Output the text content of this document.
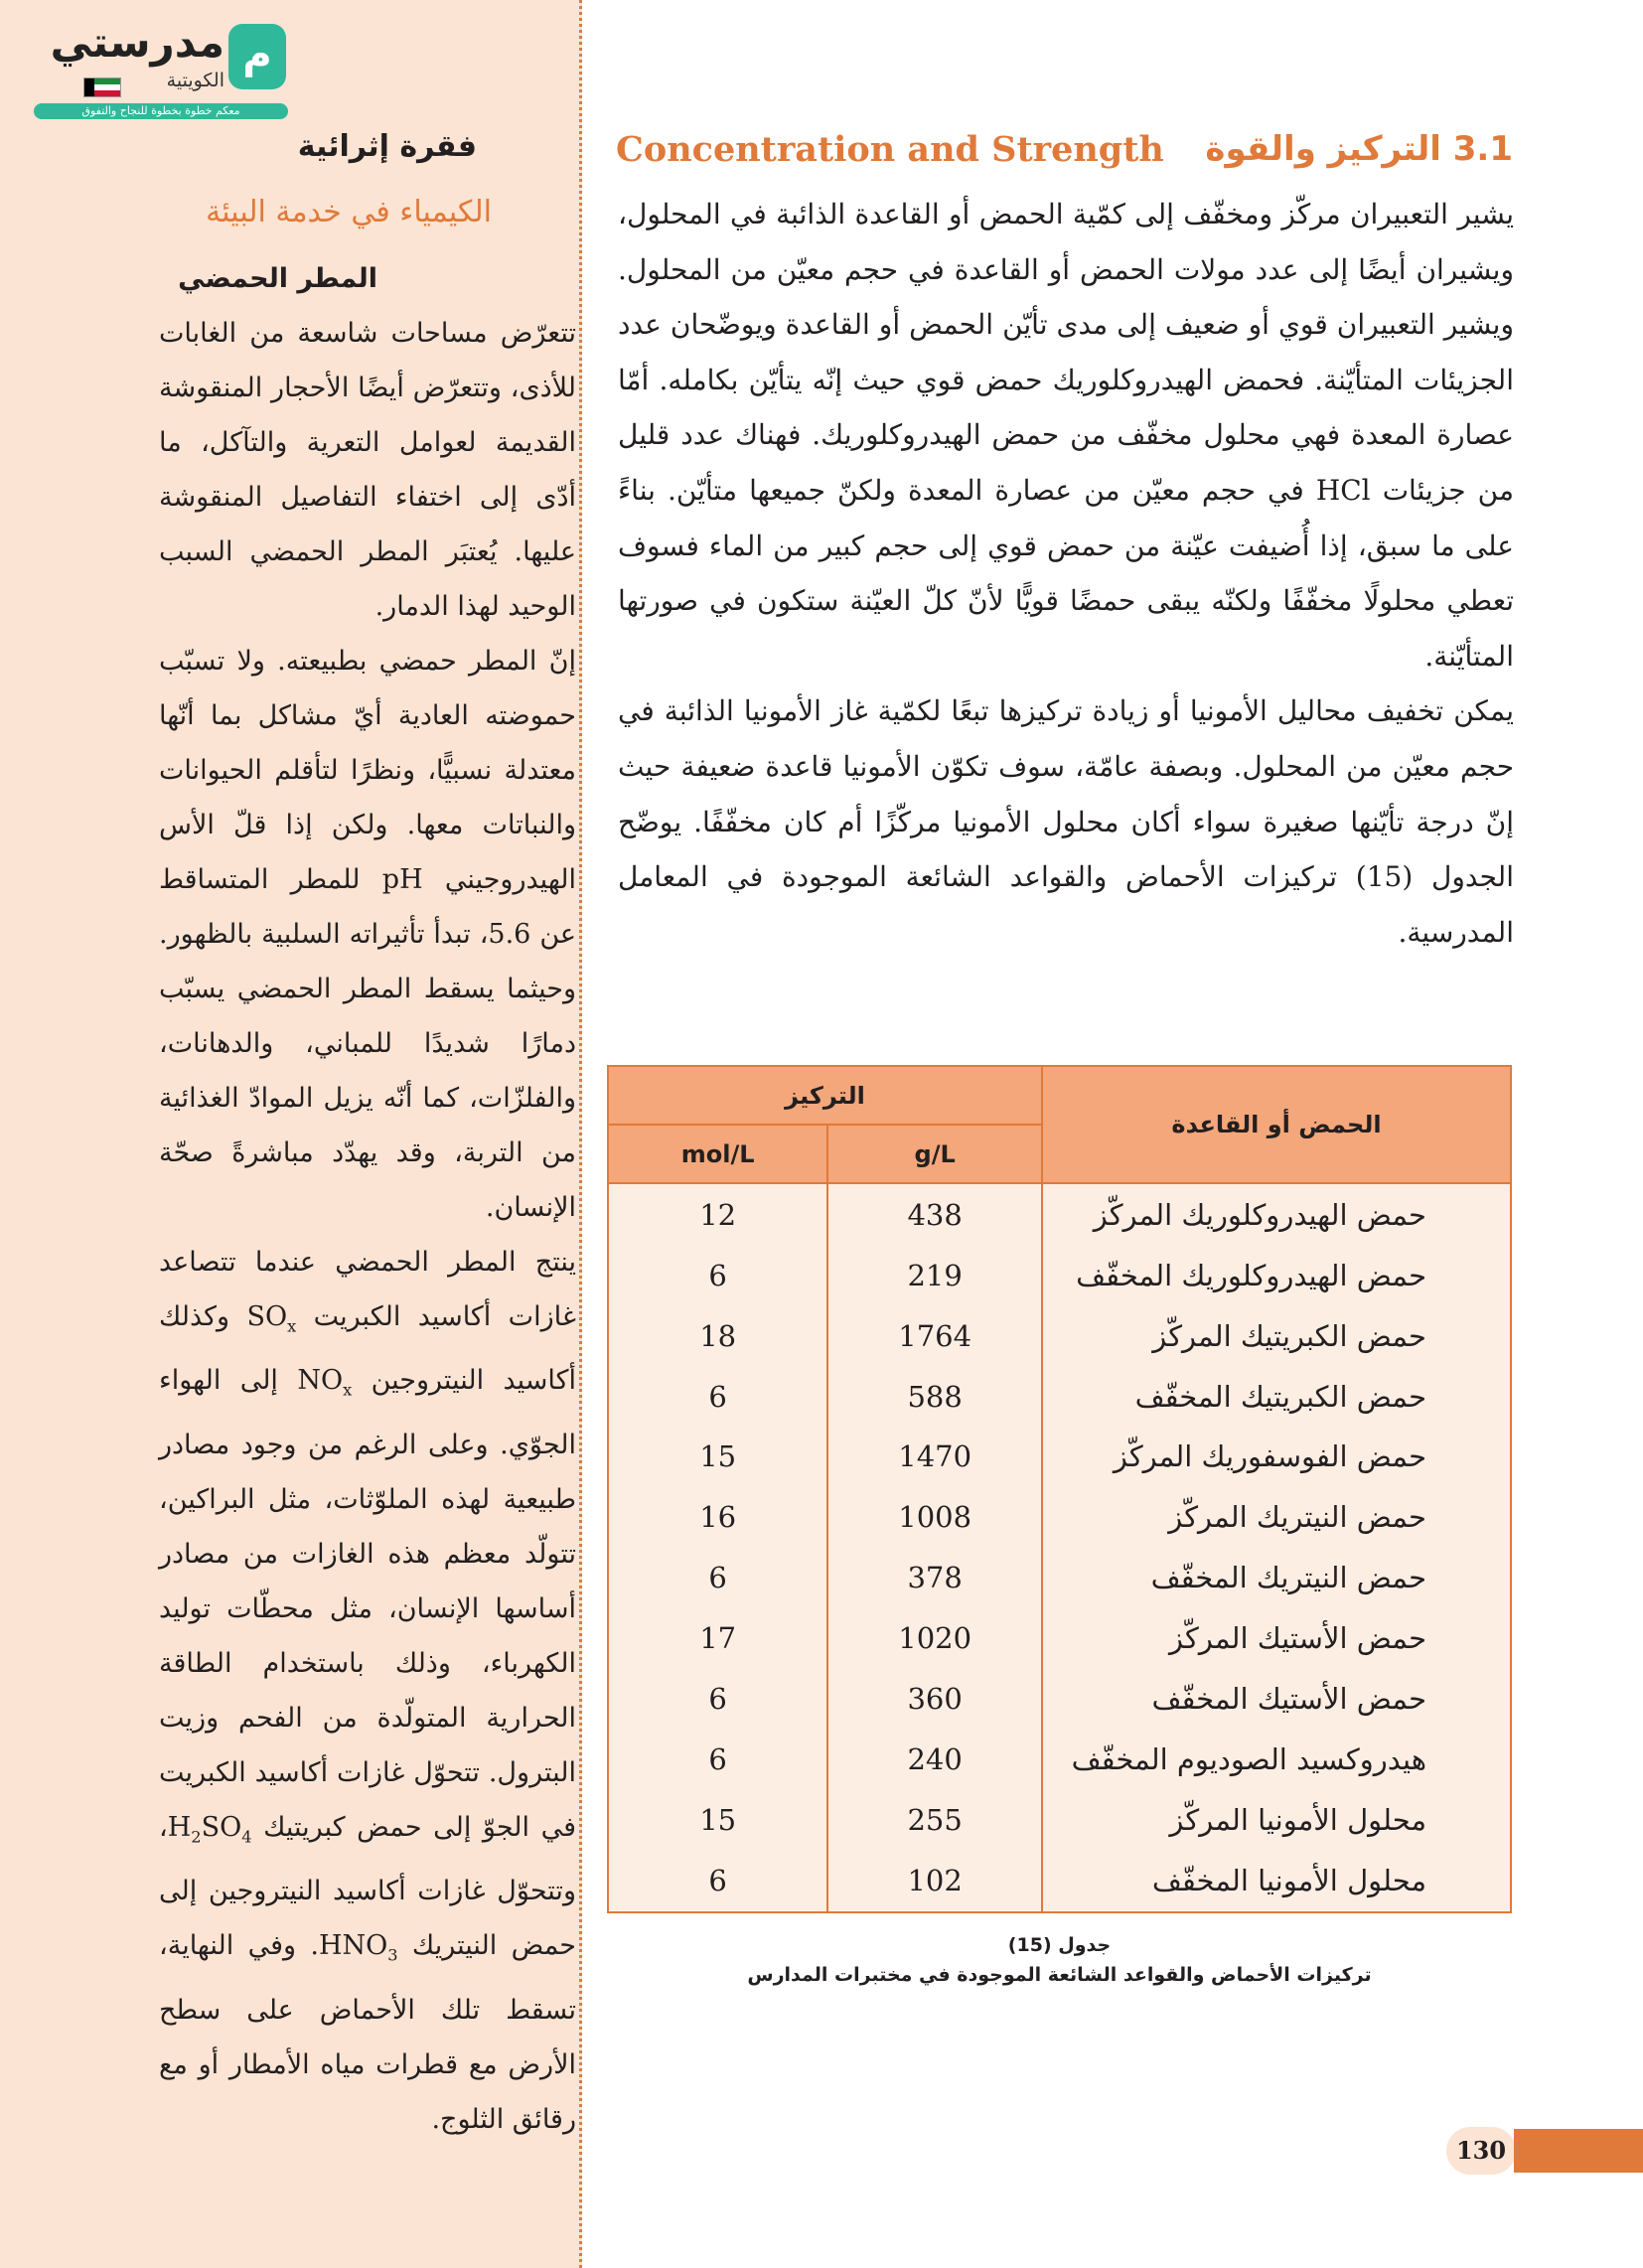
م
مدرستي
الكويتية
معكم خطوة بخطوة للنجاح والتفوق
فقرة إثرائية
الكيمياء في خدمة البيئة
المطر الحمضي

تتعرّض مساحات شاسعة من الغابات للأذى، وتتعرّض أيضًا الأحجار المنقوشة القديمة لعوامل التعرية والتآكل، ما أدّى إلى اختفاء التفاصيل المنقوشة عليها. يُعتبَر المطر الحمضي السبب الوحيد لهذا الدمار.

إنّ المطر حمضي بطبيعته. ولا تسبّب حموضته العادية أيّ مشاكل بما أنّها معتدلة نسبيًّا، ونظرًا لتأقلم الحيوانات والنباتات معها. ولكن إذا قلّ الأس الهيدروجيني pH للمطر المتساقط عن 5.6، تبدأ تأثيراته السلبية بالظهور. وحيثما يسقط المطر الحمضي يسبّب دمارًا شديدًا للمباني، والدهانات، والفلزّات، كما أنّه يزيل الموادّ الغذائية من التربة، وقد يهدّد مباشرةً صحّة الإنسان.

ينتج المطر الحمضي عندما تتصاعد غازات أكاسيد الكبريت $SO_x$ وكذلك أكاسيد النيتروجين $NO_x$ إلى الهواء الجوّي. وعلى الرغم من وجود مصادر طبيعية لهذه الملوّثات، مثل البراكين، تتولّد معظم هذه الغازات من مصادر أساسها الإنسان، مثل محطّات توليد الكهرباء، وذلك باستخدام الطاقة الحرارية المتولّدة من الفحم وزيت البترول. تتحوّل غازات أكاسيد الكبريت في الجوّ إلى حمض كبريتيك $H_2SO_4،$ وتتحوّل غازات أكاسيد النيتروجين إلى حمض النيتريك $HNO_3$. وفي النهاية، تسقط تلك الأحماض على سطح الأرض مع قطرات مياه الأمطار أو مع رقائق الثلوج.

Concentration and Strength 3.1 التركيز والقوة

يشير التعبيران مركّز ومخفّف إلى كمّية الحمض أو القاعدة الذائبة في المحلول، ويشيران أيضًا إلى عدد مولات الحمض أو القاعدة في حجم معيّن من المحلول. ويشير التعبيران قوي أو ضعيف إلى مدى تأيّن الحمض أو القاعدة ويوضّحان عدد الجزيئات المتأيّنة. فحمض الهيدروكلوريك حمض قوي حيث إنّه يتأيّن بكامله. أمّا عصارة المعدة فهي محلول مخفّف من حمض الهيدروكلوريك. فهناك عدد قليل من جزيئات HCl في حجم معيّن من عصارة المعدة ولكنّ جميعها متأيّن. بناءً على ما سبق، إذا أُضيفت عيّنة من حمض قوي إلى حجم كبير من الماء فسوف تعطي محلولًا مخفّفًا ولكنّه يبقى حمضًا قويًّا لأنّ كلّ العيّنة ستكون في صورتها المتأيّنة.

يمكن تخفيف محاليل الأمونيا أو زيادة تركيزها تبعًا لكمّية غاز الأمونيا الذائبة في حجم معيّن من المحلول. وبصفة عامّة، سوف تكوّن الأمونيا قاعدة ضعيفة حيث إنّ درجة تأيّنها صغيرة سواء أكان محلول الأمونيا مركّزًا أم كان مخفّفًا. يوضّح الجدول (15) تركيزات الأحماض والقواعد الشائعة الموجودة في المعامل المدرسية.

الحمض أو القاعدة	التركيز	
	g/L	mol/L
حمض الهيدروكلوريك المركّز	438	12
حمض الهيدروكلوريك المخفّف	219	6
حمض الكبريتيك المركّز	1764	18
حمض الكبريتيك المخفّف	588	6
حمض الفوسفوريك المركّز	1470	15
حمض النيتريك المركّز	1008	16
حمض النيتريك المخفّف	378	6
حمض الأستيك المركّز	1020	17
حمض الأستيك المخفّف	360	6
هيدروكسيد الصوديوم المخفّف	240	6
محلول الأمونيا المركّز	255	15
محلول الأمونيا المخفّف	102	6
جدول (15)
تركيزات الأحماض والقواعد الشائعة الموجودة في مختبرات المدارس
130
